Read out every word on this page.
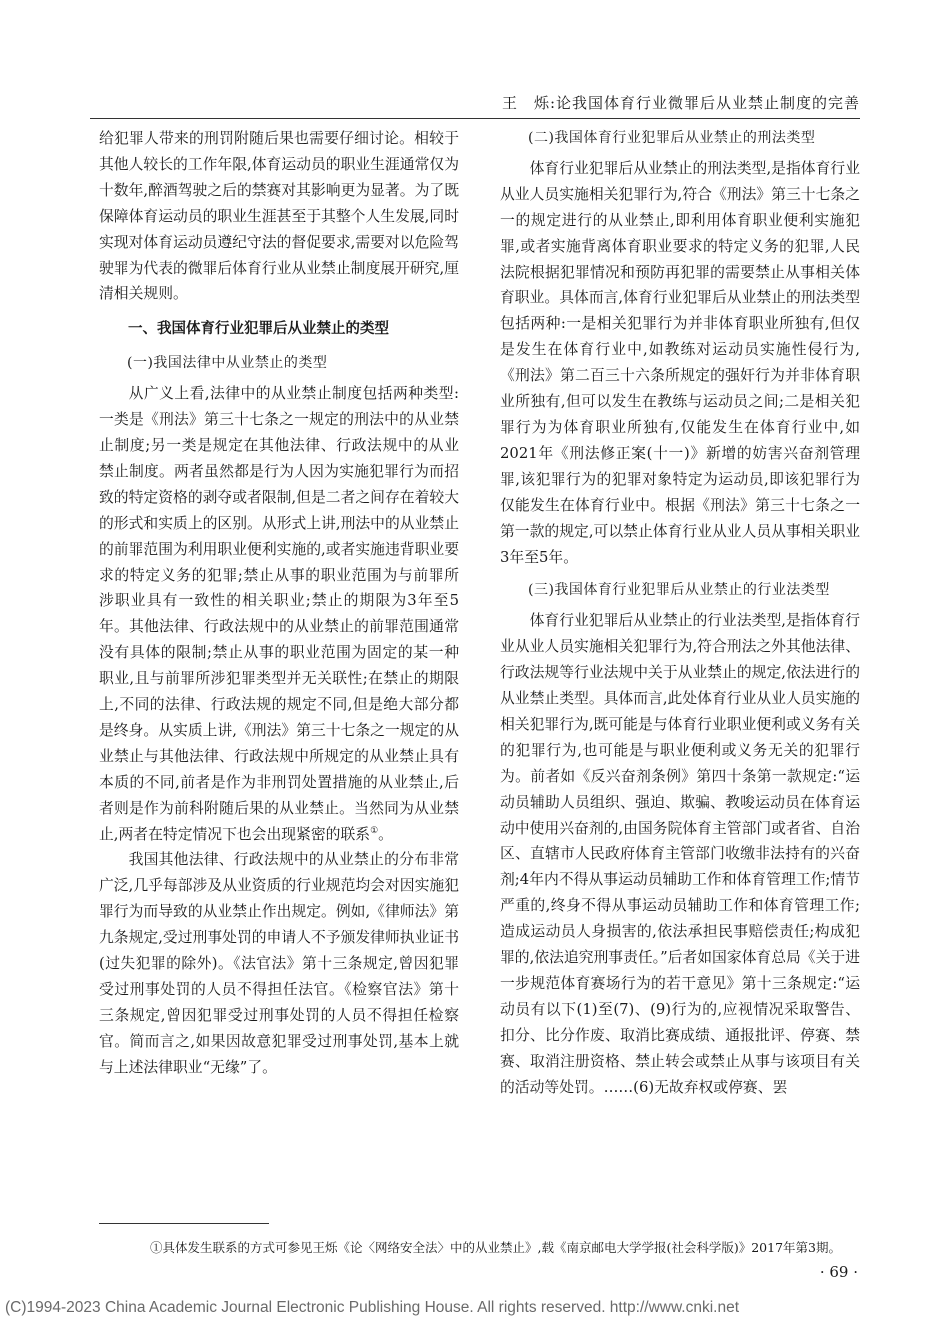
王　烁:论我国体育行业微罪后从业禁止制度的完善

给犯罪人带来的刑罚附随后果也需要仔细讨论。相较于其他人较长的工作年限,体育运动员的职业生涯通常仅为十数年,醉酒驾驶之后的禁赛对其影响更为显著。为了既保障体育运动员的职业生涯甚至于其整个人生发展,同时实现对体育运动员遵纪守法的督促要求,需要对以危险驾驶罪为代表的微罪后体育行业从业禁止制度展开研究,厘清相关规则。

一、我国体育行业犯罪后从业禁止的类型

(一)我国法律中从业禁止的类型

从广义上看,法律中的从业禁止制度包括两种类型:一类是《刑法》第三十七条之一规定的刑法中的从业禁止制度;另一类是规定在其他法律、行政法规中的从业禁止制度。两者虽然都是行为人因为实施犯罪行为而招致的特定资格的剥夺或者限制,但是二者之间存在着较大的形式和实质上的区别。从形式上讲,刑法中的从业禁止的前罪范围为利用职业便利实施的,或者实施违背职业要求的特定义务的犯罪;禁止从事的职业范围为与前罪所涉职业具有一致性的相关职业;禁止的期限为3年至5年。其他法律、行政法规中的从业禁止的前罪范围通常没有具体的限制;禁止从事的职业范围为固定的某一种职业,且与前罪所涉犯罪类型并无关联性;在禁止的期限上,不同的法律、行政法规的规定不同,但是绝大部分都是终身。从实质上讲,《刑法》第三十七条之一规定的从业禁止与其他法律、行政法规中所规定的从业禁止具有本质的不同,前者是作为非刑罚处置措施的从业禁止,后者则是作为前科附随后果的从业禁止。当然同为从业禁止,两者在特定情况下也会出现紧密的联系①。

我国其他法律、行政法规中的从业禁止的分布非常广泛,几乎每部涉及从业资质的行业规范均会对因实施犯罪行为而导致的从业禁止作出规定。例如,《律师法》第九条规定,受过刑事处罚的申请人不予颁发律师执业证书(过失犯罪的除外)。《法官法》第十三条规定,曾因犯罪受过刑事处罚的人员不得担任法官。《检察官法》第十三条规定,曾因犯罪受过刑事处罚的人员不得担任检察官。简而言之,如果因故意犯罪受过刑事处罚,基本上就与上述法律职业“无缘”了。

(二)我国体育行业犯罪后从业禁止的刑法类型

体育行业犯罪后从业禁止的刑法类型,是指体育行业从业人员实施相关犯罪行为,符合《刑法》第三十七条之一的规定进行的从业禁止,即利用体育职业便利实施犯罪,或者实施背离体育职业要求的特定义务的犯罪,人民法院根据犯罪情况和预防再犯罪的需要禁止从事相关体育职业。具体而言,体育行业犯罪后从业禁止的刑法类型包括两种:一是相关犯罪行为并非体育职业所独有,但仅是发生在体育行业中,如教练对运动员实施性侵行为,《刑法》第二百三十六条所规定的强奸行为并非体育职业所独有,但可以发生在教练与运动员之间;二是相关犯罪行为为体育职业所独有,仅能发生在体育行业中,如2021年《刑法修正案(十一)》新增的妨害兴奋剂管理罪,该犯罪行为的犯罪对象特定为运动员,即该犯罪行为仅能发生在体育行业中。根据《刑法》第三十七条之一第一款的规定,可以禁止体育行业从业人员从事相关职业3年至5年。

(三)我国体育行业犯罪后从业禁止的行业法类型

体育行业犯罪后从业禁止的行业法类型,是指体育行业从业人员实施相关犯罪行为,符合刑法之外其他法律、行政法规等行业法规中关于从业禁止的规定,依法进行的从业禁止类型。具体而言,此处体育行业从业人员实施的相关犯罪行为,既可能是与体育行业职业便利或义务有关的犯罪行为,也可能是与职业便利或义务无关的犯罪行为。前者如《反兴奋剂条例》第四十条第一款规定:“运动员辅助人员组织、强迫、欺骗、教唆运动员在体育运动中使用兴奋剂的,由国务院体育主管部门或者省、自治区、直辖市人民政府体育主管部门收缴非法持有的兴奋剂;4年内不得从事运动员辅助工作和体育管理工作;情节严重的,终身不得从事运动员辅助工作和体育管理工作;造成运动员人身损害的,依法承担民事赔偿责任;构成犯罪的,依法追究刑事责任。”后者如国家体育总局《关于进一步规范体育赛场行为的若干意见》第十三条规定:“运动员有以下(1)至(7)、(9)行为的,应视情况采取警告、扣分、比分作废、取消比赛成绩、通报批评、停赛、禁赛、取消注册资格、禁止转会或禁止从事与该项目有关的活动等处罚。……(6)无故弃权或停赛、罢

①具体发生联系的方式可参见王烁《论〈网络安全法〉中的从业禁止》,载《南京邮电大学学报(社会科学版)》2017年第3期。
· 69 ·
(C)1994-2023 China Academic Journal Electronic Publishing House. All rights reserved. http://www.cnki.net
